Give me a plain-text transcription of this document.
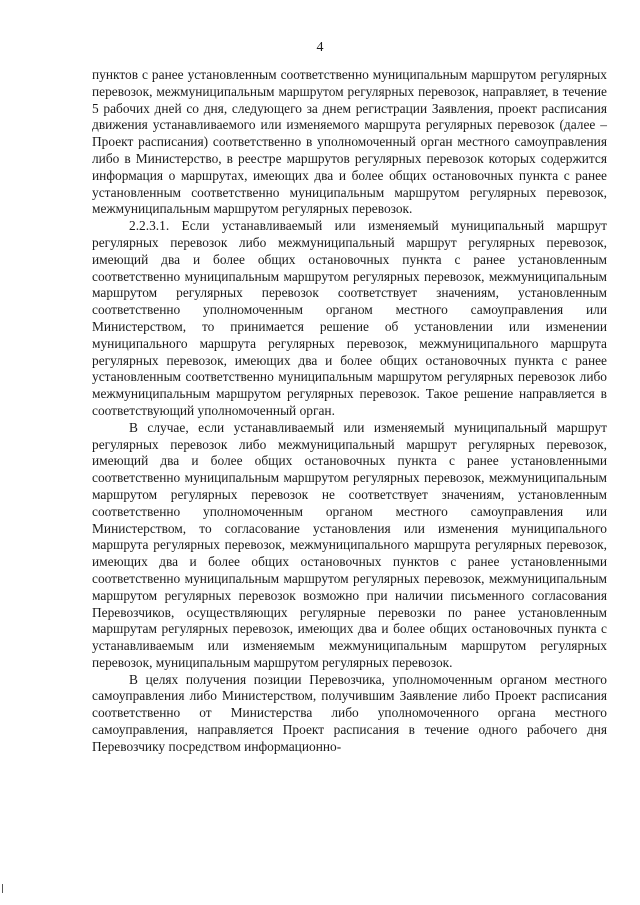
4

пунктов с ранее установленным соответственно муниципальным маршрутом регулярных перевозок, межмуниципальным маршрутом регулярных перевозок, направляет, в течение 5 рабочих дней со дня, следующего за днем регистрации Заявления, проект расписания движения устанавливаемого или изменяемого маршрута регулярных перевозок (далее – Проект расписания) соответственно в уполномоченный орган местного самоуправления либо в Министерство, в реестре маршрутов регулярных перевозок которых содержится информация о маршрутах, имеющих два и более общих остановочных пункта с ранее установленным соответственно муниципальным маршрутом регулярных перевозок, межмуниципальным маршрутом регулярных перевозок.

2.2.3.1. Если устанавливаемый или изменяемый муниципальный маршрут регулярных перевозок либо межмуниципальный маршрут регулярных перевозок, имеющий два и более общих остановочных пункта с ранее установленным соответственно муниципальным маршрутом регулярных перевозок, межмуниципальным маршрутом регулярных перевозок соответствует значениям, установленным соответственно уполномоченным органом местного самоуправления или Министерством, то принимается решение об установлении или изменении муниципального маршрута регулярных перевозок, межмуниципального маршрута регулярных перевозок, имеющих два и более общих остановочных пункта с ранее установленным соответственно муниципальным маршрутом регулярных перевозок либо межмуниципальным маршрутом регулярных перевозок. Такое решение направляется в соответствующий уполномоченный орган.

В случае, если устанавливаемый или изменяемый муниципальный маршрут регулярных перевозок либо межмуниципальный маршрут регулярных перевозок, имеющий два и более общих остановочных пункта с ранее установленными соответственно муниципальным маршрутом регулярных перевозок, межмуниципальным маршрутом регулярных перевозок не соответствует значениям, установленным соответственно уполномоченным органом местного самоуправления или Министерством, то согласование установления или изменения муниципального маршрута регулярных перевозок, межмуниципального маршрута регулярных перевозок, имеющих два и более общих остановочных пунктов с ранее установленными соответственно муниципальным маршрутом регулярных перевозок, межмуниципальным маршрутом регулярных перевозок возможно при наличии письменного согласования Перевозчиков, осуществляющих регулярные перевозки по ранее установленным маршрутам регулярных перевозок, имеющих два и более общих остановочных пункта с устанавливаемым или изменяемым межмуниципальным маршрутом регулярных перевозок, муниципальным маршрутом регулярных перевозок.

В целях получения позиции Перевозчика, уполномоченным органом местного самоуправления либо Министерством, получившим Заявление либо Проект расписания соответственно от Министерства либо уполномоченного органа местного самоуправления, направляется Проект расписания в течение одного рабочего дня Перевозчику посредством информационно-
